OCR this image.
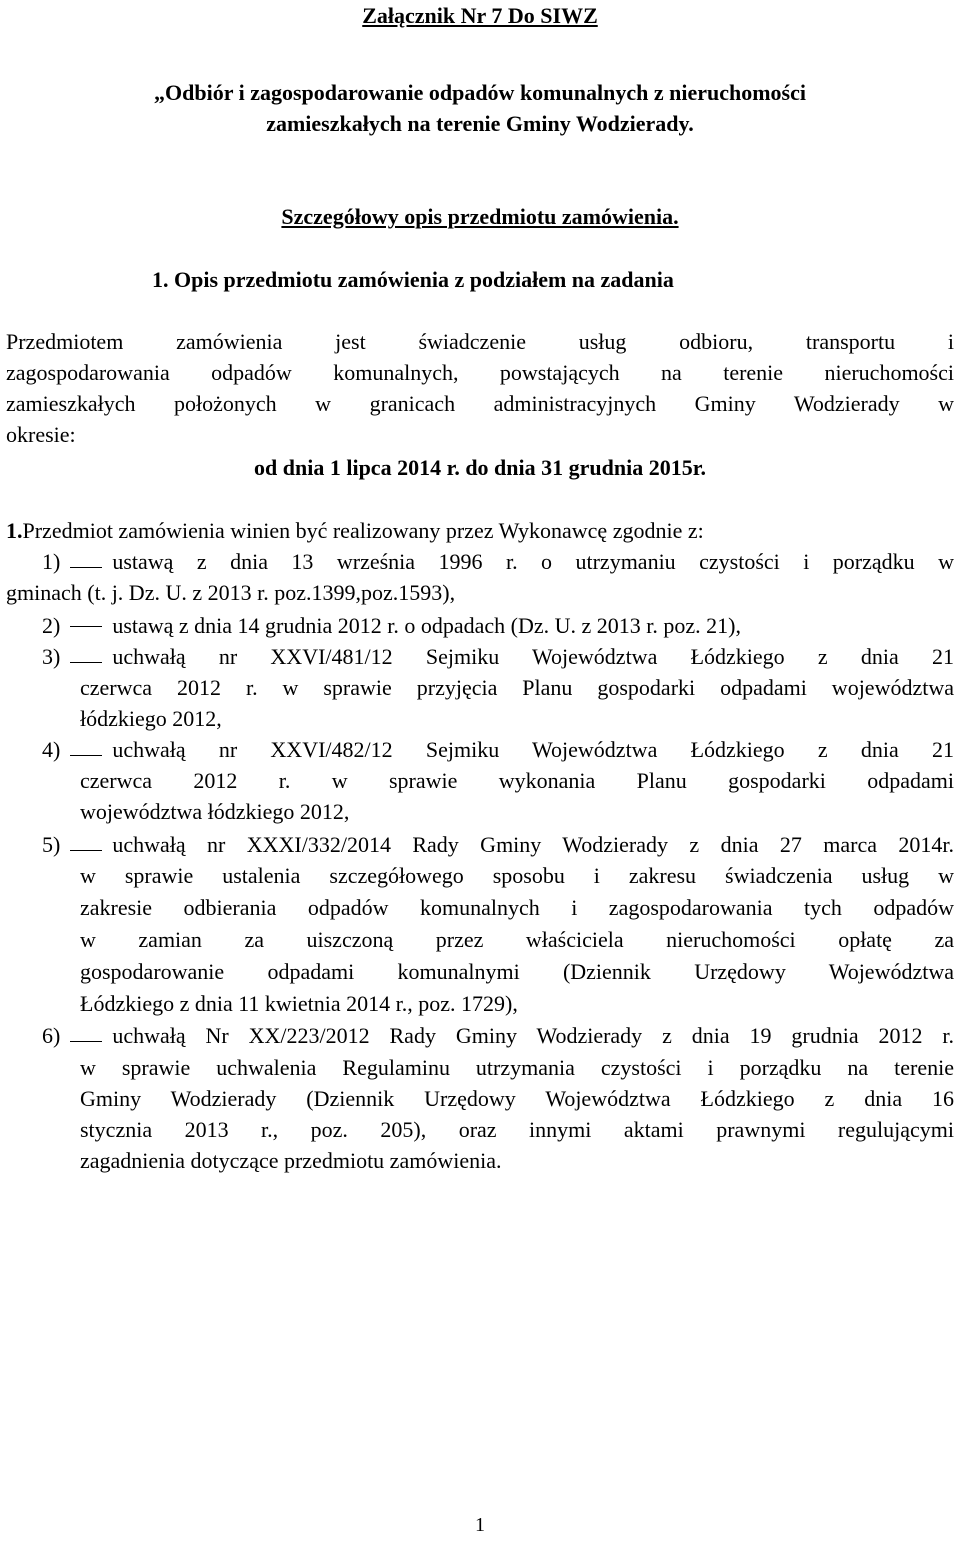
Załącznik Nr 7 Do SIWZ
„Odbiór i zagospodarowanie odpadów komunalnych z nieruchomości
zamieszkałych na terenie Gminy Wodzierady.
Szczegółowy opis przedmiotu zamówienia.
1. Opis przedmiotu zamówienia z podziałem na zadania
Przedmiotem zamówienia jest świadczenie usług odbioru, transportu i
zagospodarowania odpadów komunalnych, powstających na terenie nieruchomości
zamieszkałych położonych w granicach administracyjnych Gminy Wodzierady w
okresie:
od dnia 1 lipca 2014 r. do dnia 31 grudnia 2015r.
1.Przedmiot zamówienia winien być realizowany przez Wykonawcę zgodnie z:
1) ustawą z dnia 13 września 1996 r. o utrzymaniu czystości i porządku w
gminach (t. j. Dz. U. z 2013 r. poz.1399,poz.1593),
2) ustawą z dnia 14 grudnia 2012 r. o odpadach (Dz. U. z 2013 r. poz. 21),
3) uchwałą nr XXVI/481/12 Sejmiku Województwa Łódzkiego z dnia 21
czerwca 2012 r. w sprawie przyjęcia Planu gospodarki odpadami województwa
łódzkiego 2012,
4) uchwałą nr XXVI/482/12 Sejmiku Województwa Łódzkiego z dnia 21
czerwca 2012 r. w sprawie wykonania Planu gospodarki odpadami
województwa łódzkiego 2012,
5) uchwałą nr XXXI/332/2014 Rady Gminy Wodzierady z dnia 27 marca 2014r.
w sprawie ustalenia szczegółowego sposobu i zakresu świadczenia usług w
zakresie odbierania odpadów komunalnych i zagospodarowania tych odpadów
w zamian za uiszczoną przez właściciela nieruchomości opłatę za
gospodarowanie odpadami komunalnymi (Dziennik Urzędowy Województwa
Łódzkiego z dnia 11 kwietnia 2014 r., poz. 1729),
6) uchwałą Nr XX/223/2012 Rady Gminy Wodzierady z dnia 19 grudnia 2012 r.
w sprawie uchwalenia Regulaminu utrzymania czystości i porządku na terenie
Gminy Wodzierady (Dziennik Urzędowy Województwa Łódzkiego z dnia 16
stycznia 2013 r., poz. 205), oraz innymi aktami prawnymi regulującymi
zagadnienia dotyczące przedmiotu zamówienia.
1
